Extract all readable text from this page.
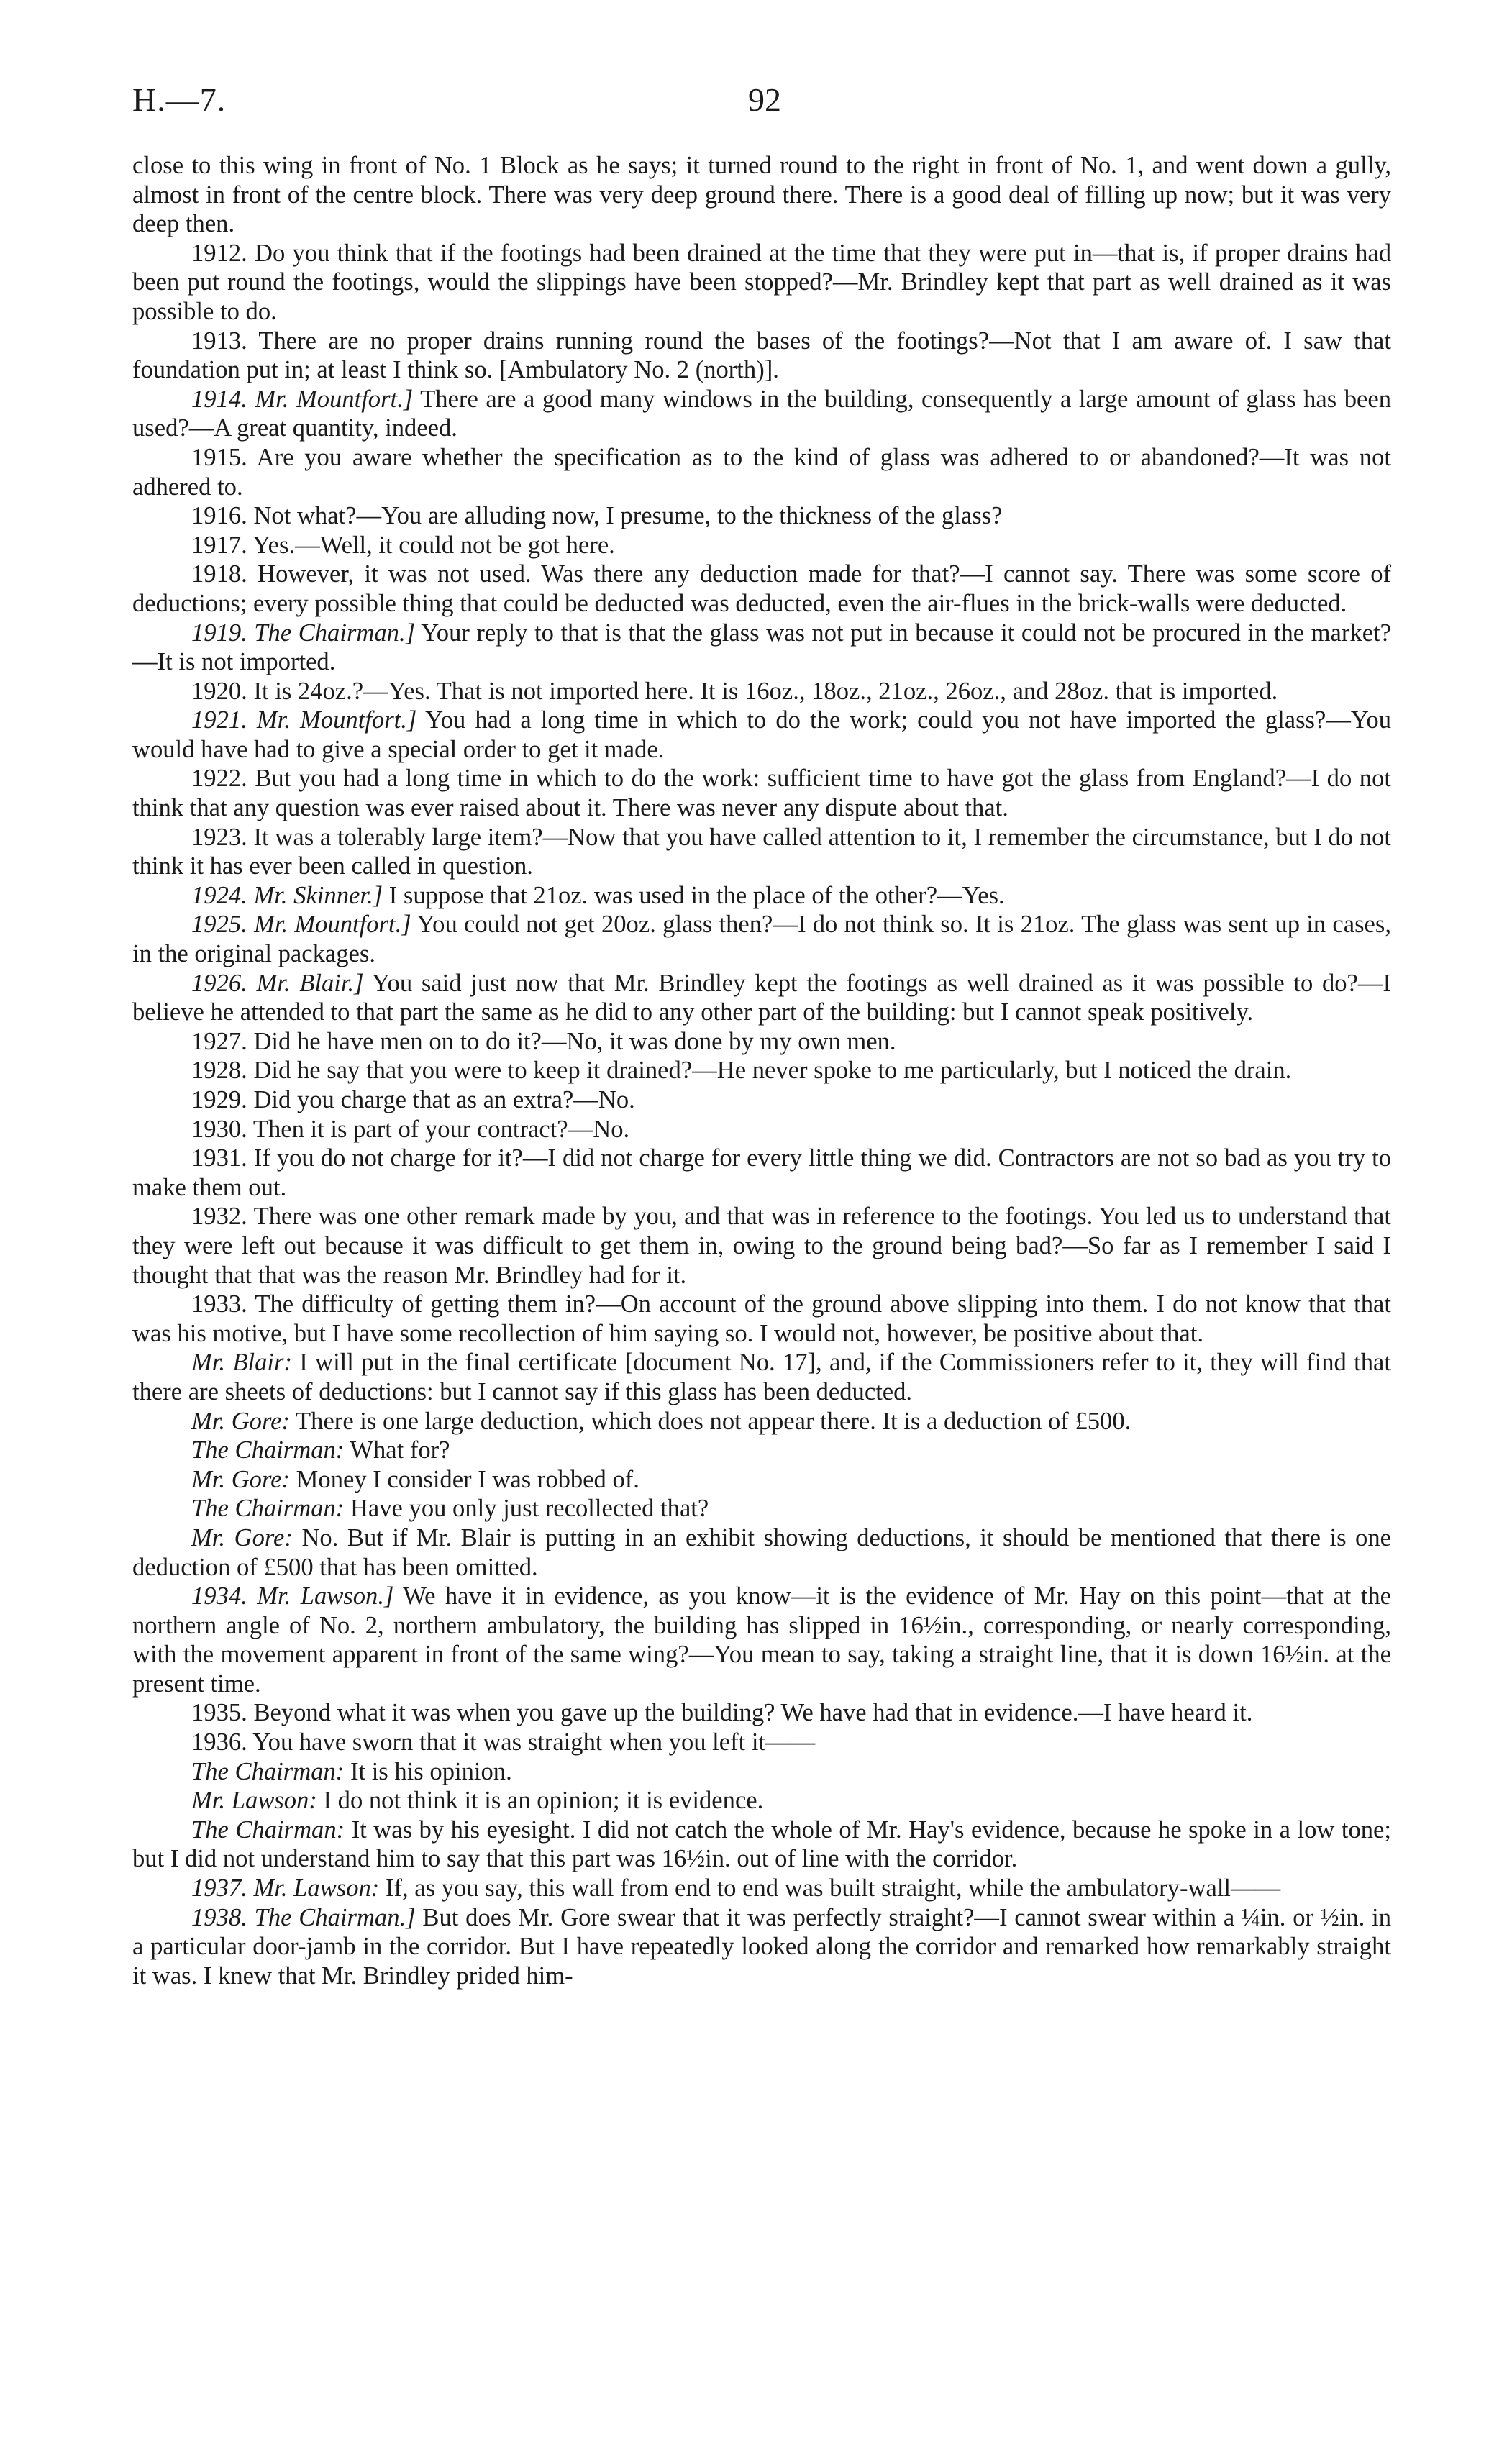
H.—7.	92

close to this wing in front of No. 1 Block as he says; it turned round to the right in front of No. 1, and went down a gully, almost in front of the centre block. There was very deep ground there. There is a good deal of filling up now; but it was very deep then.

1912. Do you think that if the footings had been drained at the time that they were put in—that is, if proper drains had been put round the footings, would the slippings have been stopped?—Mr. Brindley kept that part as well drained as it was possible to do.

1913. There are no proper drains running round the bases of the footings?—Not that I am aware of. I saw that foundation put in; at least I think so. [Ambulatory No. 2 (north)].

1914. Mr. Mountfort.] There are a good many windows in the building, consequently a large amount of glass has been used?—A great quantity, indeed.

1915. Are you aware whether the specification as to the kind of glass was adhered to or abandoned?—It was not adhered to.

1916. Not what?—You are alluding now, I presume, to the thickness of the glass?

1917. Yes.—Well, it could not be got here.

1918. However, it was not used. Was there any deduction made for that?—I cannot say. There was some score of deductions; every possible thing that could be deducted was deducted, even the air-flues in the brick-walls were deducted.

1919. The Chairman.] Your reply to that is that the glass was not put in because it could not be procured in the market?—It is not imported.

1920. It is 24oz.?—Yes. That is not imported here. It is 16oz., 18oz., 21oz., 26oz., and 28oz. that is imported.

1921. Mr. Mountfort.] You had a long time in which to do the work; could you not have imported the glass?—You would have had to give a special order to get it made.

1922. But you had a long time in which to do the work: sufficient time to have got the glass from England?—I do not think that any question was ever raised about it. There was never any dispute about that.

1923. It was a tolerably large item?—Now that you have called attention to it, I remember the circumstance, but I do not think it has ever been called in question.

1924. Mr. Skinner.] I suppose that 21oz. was used in the place of the other?—Yes.

1925. Mr. Mountfort.] You could not get 20oz. glass then?—I do not think so. It is 21oz. The glass was sent up in cases, in the original packages.

1926. Mr. Blair.] You said just now that Mr. Brindley kept the footings as well drained as it was possible to do?—I believe he attended to that part the same as he did to any other part of the building: but I cannot speak positively.

1927. Did he have men on to do it?—No, it was done by my own men.

1928. Did he say that you were to keep it drained?—He never spoke to me particularly, but I noticed the drain.

1929. Did you charge that as an extra?—No.

1930. Then it is part of your contract?—No.

1931. If you do not charge for it?—I did not charge for every little thing we did. Contractors are not so bad as you try to make them out.

1932. There was one other remark made by you, and that was in reference to the footings. You led us to understand that they were left out because it was difficult to get them in, owing to the ground being bad?—So far as I remember I said I thought that that was the reason Mr. Brindley had for it.

1933. The difficulty of getting them in?—On account of the ground above slipping into them. I do not know that that was his motive, but I have some recollection of him saying so. I would not, however, be positive about that.

Mr. Blair: I will put in the final certificate [document No. 17], and, if the Commissioners refer to it, they will find that there are sheets of deductions: but I cannot say if this glass has been deducted.

Mr. Gore: There is one large deduction, which does not appear there. It is a deduction of £500.

The Chairman: What for?

Mr. Gore: Money I consider I was robbed of.

The Chairman: Have you only just recollected that?

Mr. Gore: No. But if Mr. Blair is putting in an exhibit showing deductions, it should be mentioned that there is one deduction of £500 that has been omitted.

1934. Mr. Lawson.] We have it in evidence, as you know—it is the evidence of Mr. Hay on this point—that at the northern angle of No. 2, northern ambulatory, the building has slipped in 16½in., corresponding, or nearly corresponding, with the movement apparent in front of the same wing?—You mean to say, taking a straight line, that it is down 16½in. at the present time.

1935. Beyond what it was when you gave up the building? We have had that in evidence.—I have heard it.

1936. You have sworn that it was straight when you left it——

The Chairman: It is his opinion.

Mr. Lawson: I do not think it is an opinion; it is evidence.

The Chairman: It was by his eyesight. I did not catch the whole of Mr. Hay's evidence, because he spoke in a low tone; but I did not understand him to say that this part was 16½in. out of line with the corridor.

1937. Mr. Lawson: If, as you say, this wall from end to end was built straight, while the ambulatory-wall——

1938. The Chairman.] But does Mr. Gore swear that it was perfectly straight?—I cannot swear within a ¼in. or ½in. in a particular door-jamb in the corridor. But I have repeatedly looked along the corridor and remarked how remarkably straight it was. I knew that Mr. Brindley prided him-
